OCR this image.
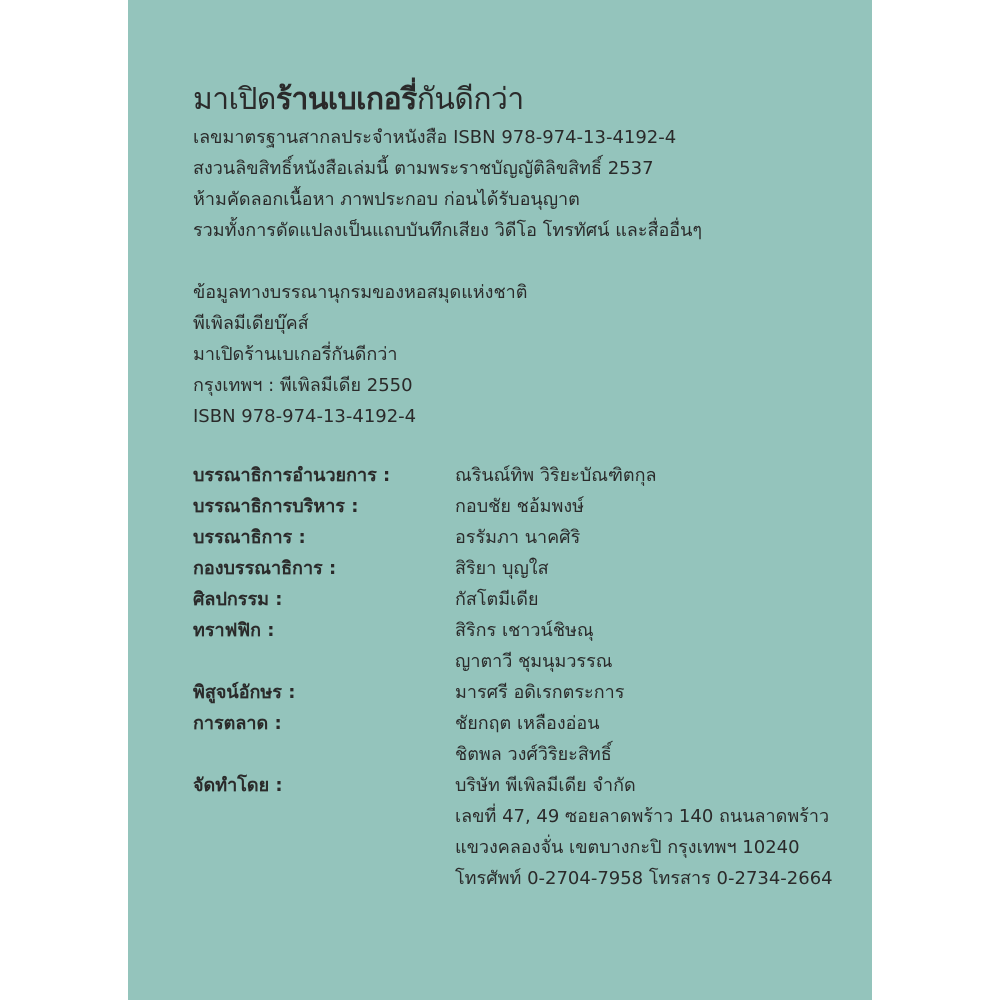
มาเปิดร้านเบเกอรี่กันดีกว่า
เลขมาตรฐานสากลประจำหนังสือ ISBN 978-974-13-4192-4
สงวนลิขสิทธิ์หนังสือเล่มนี้ ตามพระราชบัญญัติลิขสิทธิ์ 2537
ห้ามคัดลอกเนื้อหา ภาพประกอบ ก่อนได้รับอนุญาต
รวมทั้งการดัดแปลงเป็นแถบบันทึกเสียง วิดีโอ โทรทัศน์ และสื่ออื่นๆ
ข้อมูลทางบรรณานุกรมของหอสมุดแห่งชาติ
พีเพิลมีเดียบุ๊คส์
มาเปิดร้านเบเกอรี่กันดีกว่า
กรุงเทพฯ : พีเพิลมีเดีย 2550
ISBN 978-974-13-4192-4
บรรณาธิการอำนวยการ :	ณรินณ์ทิพ วิริยะบัณฑิตกุล
บรรณาธิการบริหาร :	กอบชัย ชอ้มพงษ์
บรรณาธิการ :	อรรัมภา นาคศิริ
กองบรรณาธิการ :	สิริยา บุญใส
ศิลปกรรม :	กัสโตมีเดีย
ทราฟฟิก :	สิริกร เชาวน์ชิษณุ
ญาตาวี ชุมนุมวรรณ
พิสูจน์อักษร :	มารศรี อดิเรกตระการ
การตลาด :	ชัยกฤต เหลืองอ่อน
ชิตพล วงศ์วิริยะสิทธิ์
จัดทำโดย :	บริษัท พีเพิลมีเดีย จำกัด
เลขที่ 47, 49 ซอยลาดพร้าว 140 ถนนลาดพร้าว
แขวงคลองจั่น เขตบางกะปิ กรุงเทพฯ 10240
โทรศัพท์ 0-2704-7958 โทรสาร 0-2734-2664
